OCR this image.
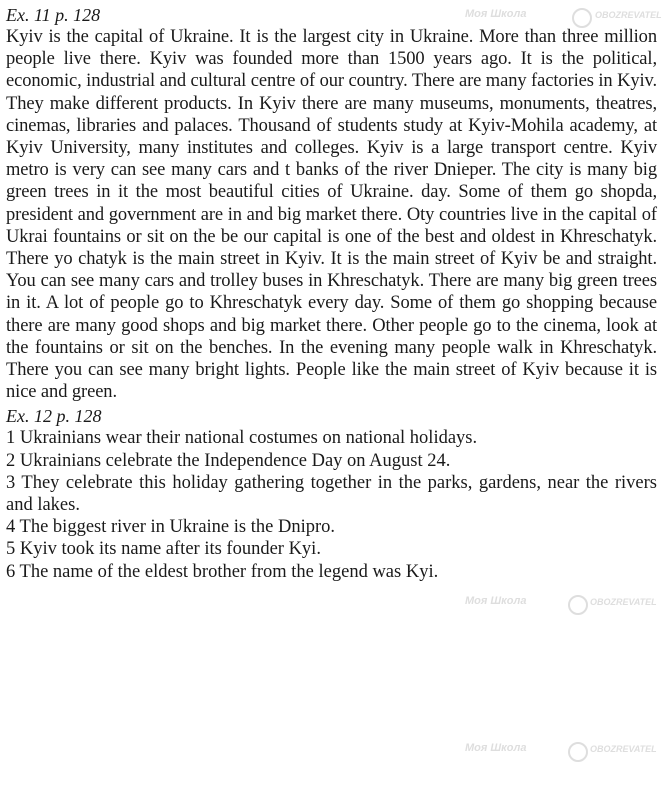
Моя Школа	OBOZREVATEL
Моя Школа	OBOZREVATEL
Моя Школа	OBOZREVATEL

Ex. 11 p. 128

Kyiv is the capital of Ukraine. It is the largest city in Ukraine. More than three million people live there. Kyiv was founded more than 1500 years ago. It is the political, economic, industrial and cultural centre of our country. There are many factories in Kyiv. They make different products. In Kyiv there are many museums, monuments, theatres, cinemas, libraries and palaces. Thousand of students study at Kyiv-Mohila academy, at Kyiv University, many institutes and colleges. Kyiv is a large transport centre. Kyiv metro is very can see many cars and t banks of the river Dnieper. The city is many big green trees in it the most beautiful cities of Ukraine. day. Some of them go shopda, president and government are in and big market there. Oty countries live in the capital of Ukrai fountains or sit on the be our capital is one of the best and oldest in Khreschatyk. There yo chatyk is the main street in Kyiv. It is the main street of Kyiv be and straight. You can see many cars and trolley buses in Khreschatyk. There are many big green trees in it. A lot of people go to Khreschatyk every day. Some of them go shopping because there are many good shops and big market there. Other people go to the cinema, look at the fountains or sit on the benches. In the evening many people walk in Khreschatyk. There you can see many bright lights. People like the main street of Kyiv because it is nice and green.

Ex. 12 p. 128

1 Ukrainians wear their national costumes on national holidays.
2 Ukrainians celebrate the Independence Day on August 24.
3 They celebrate this holiday gathering together in the parks, gardens, near the rivers and lakes.
4 The biggest river in Ukraine is the Dnipro.
5 Kyiv took its name after its founder Kyi.
6 The name of the eldest brother from the legend was Kyi.
